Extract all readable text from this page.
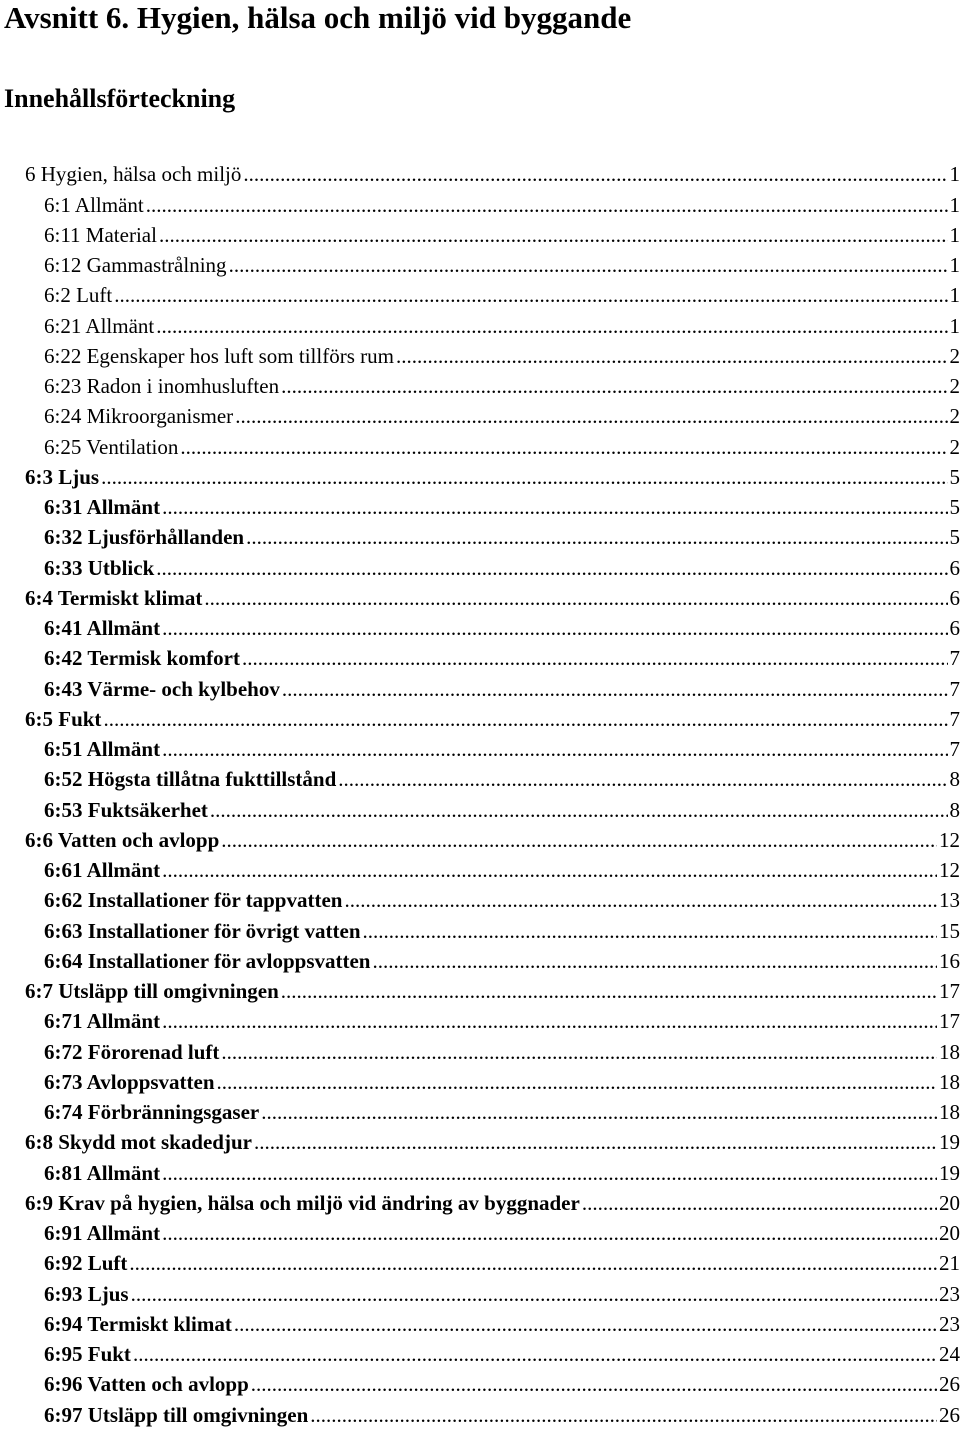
Avsnitt 6. Hygien, hälsa och miljö vid byggande
Innehållsförteckning
6 Hygien, hälsa och miljö .....	1
6:1 Allmänt .....	1
6:11 Material .....	1
6:12 Gammastrålning .....	1
6:2 Luft .....	1
6:21 Allmänt .....	1
6:22 Egenskaper hos luft som tillförs rum .....	2
6:23 Radon i inomhusluften .....	2
6:24 Mikroorganismer .....	2
6:25 Ventilation .....	2
6:3 Ljus .....	5
6:31 Allmänt .....	5
6:32 Ljusförhållanden .....	5
6:33 Utblick .....	6
6:4 Termiskt klimat .....	6
6:41 Allmänt .....	6
6:42 Termisk komfort .....	7
6:43 Värme- och kylbehov .....	7
6:5 Fukt .....	7
6:51 Allmänt .....	7
6:52 Högsta tillåtna fukttillstånd .....	8
6:53 Fuktsäkerhet .....	8
6:6 Vatten och avlopp .....	12
6:61 Allmänt .....	12
6:62 Installationer för tappvatten .....	13
6:63 Installationer för övrigt vatten .....	15
6:64 Installationer för avloppsvatten .....	16
6:7 Utsläpp till omgivningen .....	17
6:71 Allmänt .....	17
6:72 Förorenad luft .....	18
6:73 Avloppsvatten .....	18
6:74 Förbränningsgaser .....	18
6:8 Skydd mot skadedjur .....	19
6:81 Allmänt .....	19
6:9 Krav på hygien, hälsa och miljö vid ändring av byggnader .....	20
6:91 Allmänt .....	20
6:92 Luft .....	21
6:93 Ljus .....	23
6:94 Termiskt klimat .....	23
6:95 Fukt .....	24
6:96 Vatten och avlopp .....	26
6:97 Utsläpp till omgivningen .....	26
